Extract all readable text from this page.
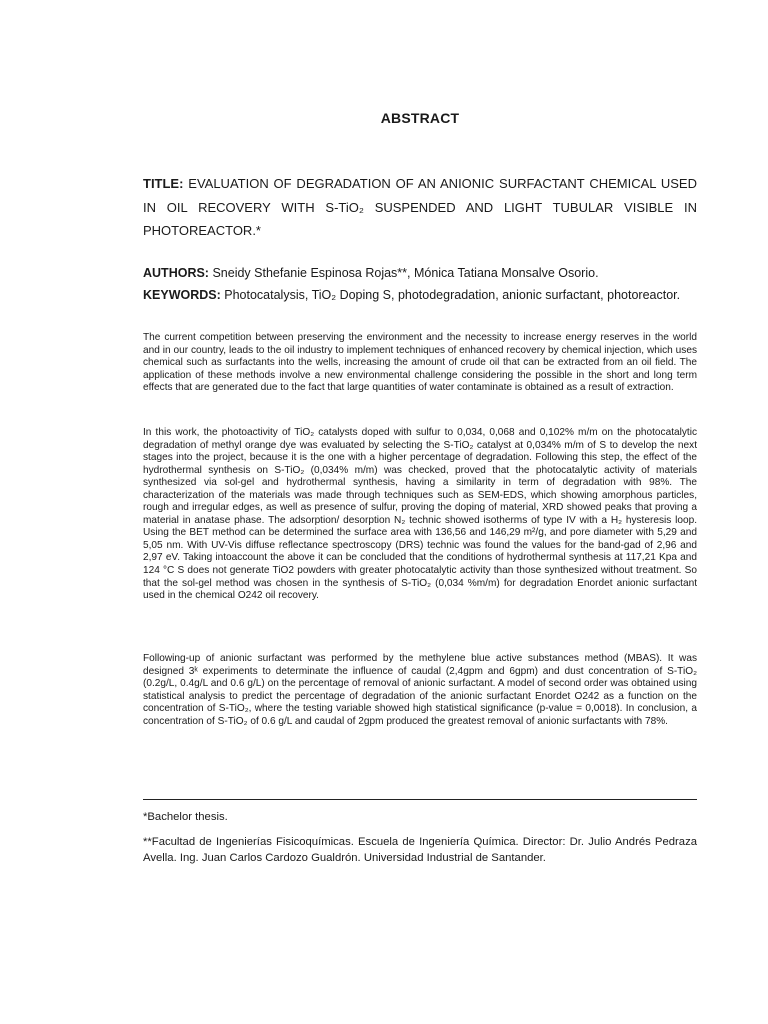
ABSTRACT
TITLE: EVALUATION OF DEGRADATION OF AN ANIONIC SURFACTANT CHEMICAL USED IN OIL RECOVERY WITH S-TiO₂ SUSPENDED AND LIGHT TUBULAR VISIBLE IN PHOTOREACTOR.*
AUTHORS: Sneidy Sthefanie Espinosa Rojas**, Mónica Tatiana Monsalve Osorio.
KEYWORDS: Photocatalysis, TiO₂ Doping S, photodegradation, anionic surfactant, photoreactor.

The current competition between preserving the environment and the necessity to increase energy reserves in the world and in our country, leads to the oil industry to implement techniques of enhanced recovery by chemical injection, which uses chemical such as surfactants into the wells, increasing the amount of crude oil that can be extracted from an oil field. The application of these methods involve a new environmental challenge considering the possible in the short and long term effects that are generated due to the fact that large quantities of water contaminate is obtained as a result of extraction.

In this work, the photoactivity of TiO₂ catalysts doped with sulfur to 0,034, 0,068 and 0,102% m/m on the photocatalytic degradation of methyl orange dye was evaluated by selecting the S-TiO₂ catalyst at 0,034% m/m of S to develop the next stages into the project, because it is the one with a higher percentage of degradation. Following this step, the effect of the hydrothermal synthesis on S-TiO₂ (0,034% m/m) was checked, proved that the photocatalytic activity of materials synthesized via sol-gel and hydrothermal synthesis, having a similarity in term of degradation with 98%. The characterization of the materials was made through techniques such as SEM-EDS, which showing amorphous particles, rough and irregular edges, as well as presence of sulfur, proving the doping of material, XRD showed peaks that proving a material in anatase phase. The adsorption/ desorption N₂ technic showed isotherms of type IV with a H₂ hysteresis loop. Using the BET method can be determined the surface area with 136,56 and 146,29 m²/g, and pore diameter with 5,29 and 5,05 nm. With UV-Vis diffuse reflectance spectroscopy (DRS) technic was found the values for the band-gad of 2,96 and 2,97 eV. Taking intoaccount the above it can be concluded that the conditions of hydrothermal synthesis at 117,21 Kpa and 124 °C S does not generate TiO2 powders with greater photocatalytic activity than those synthesized without treatment. So that the sol-gel method was chosen in the synthesis of S-TiO₂ (0,034 %m/m) for degradation Enordet anionic surfactant used in the chemical O242 oil recovery.

Following-up of anionic surfactant was performed by the methylene blue active substances method (MBAS). It was designed 3ᵏ experiments to determinate the influence of caudal (2,4gpm and 6gpm) and dust concentration of S-TiO₂ (0.2g/L, 0.4g/L and 0.6 g/L) on the percentage of removal of anionic surfactant. A model of second order was obtained using statistical analysis to predict the percentage of degradation of the anionic surfactant Enordet O242 as a function on the concentration of S-TiO₂, where the testing variable showed high statistical significance (p-value = 0,0018). In conclusion, a concentration of S-TiO₂ of 0.6 g/L and caudal of 2gpm produced the greatest removal of anionic surfactants with 78%.

*Bachelor thesis.

**Facultad de Ingenierías Fisicoquímicas. Escuela de Ingeniería Química. Director: Dr. Julio Andrés Pedraza Avella. Ing. Juan Carlos Cardozo Gualdrón. Universidad Industrial de Santander.
